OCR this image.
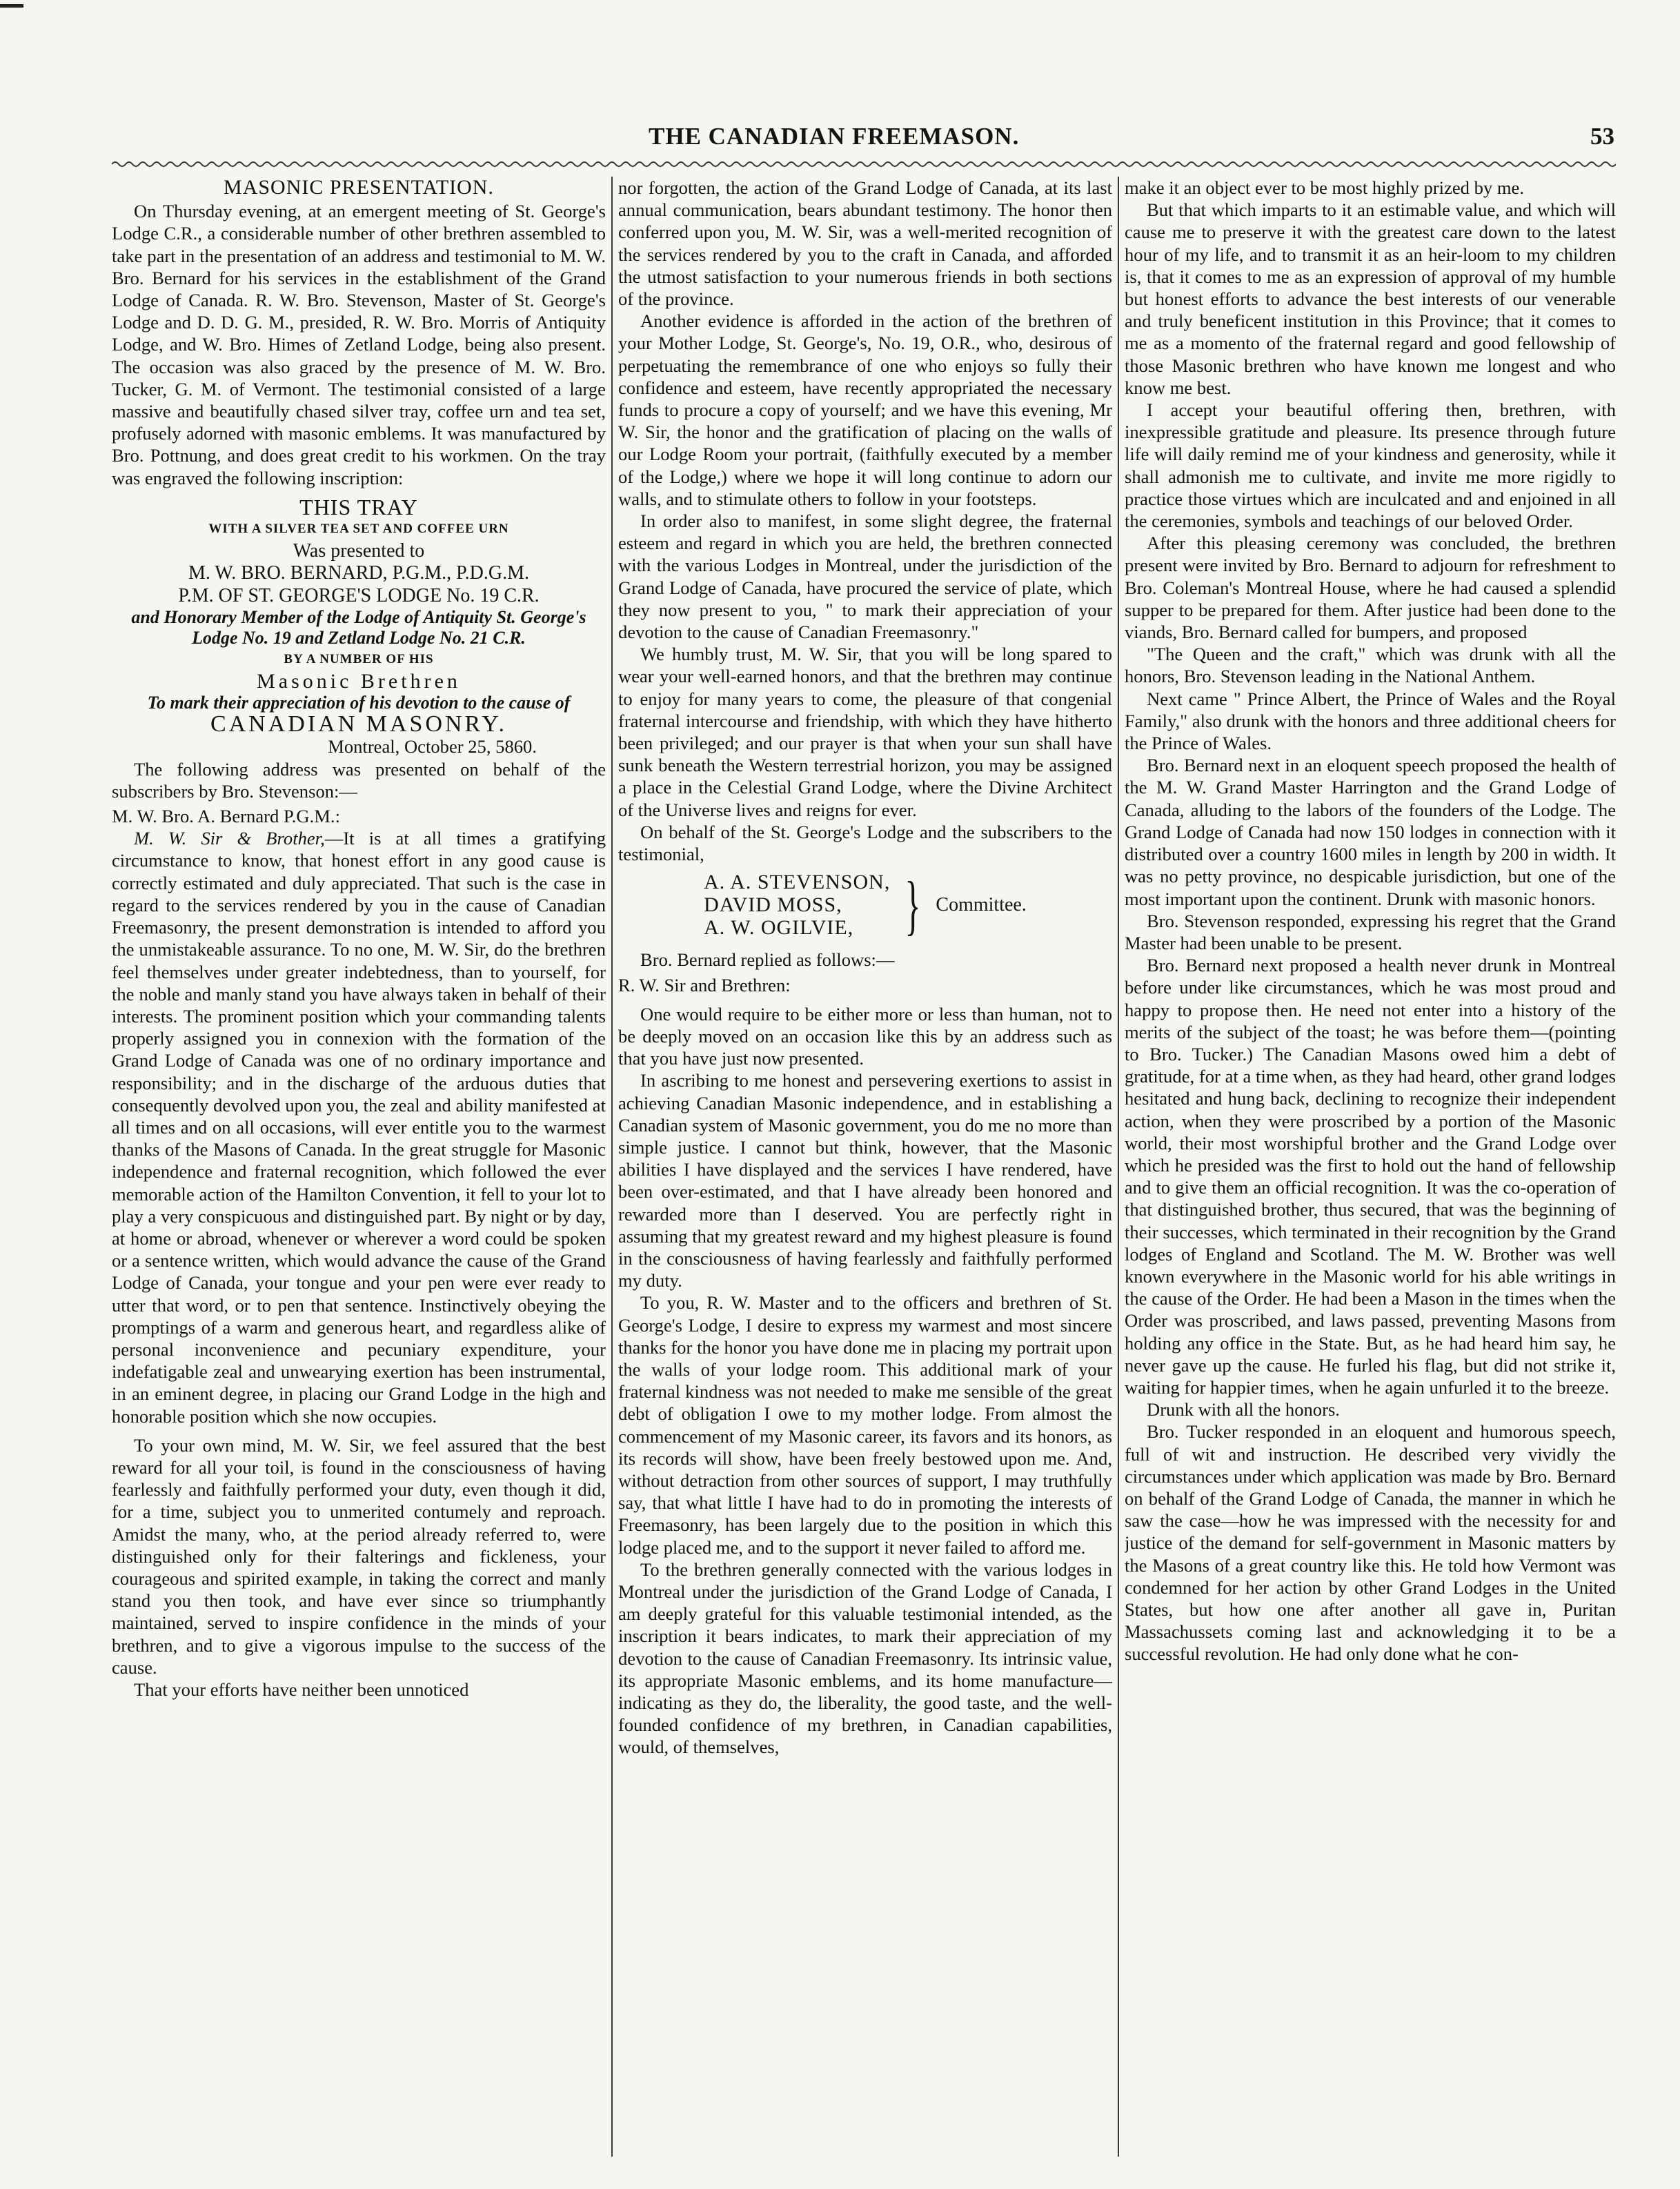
THE CANADIAN FREEMASON.	53

MASONIC PRESENTATION.

On Thursday evening, at an emergent meeting of St. George's Lodge C.R., a considerable number of other brethren assembled to take part in the presentation of an address and testimonial to M. W. Bro. Bernard for his services in the establishment of the Grand Lodge of Canada. R. W. Bro. Stevenson, Master of St. George's Lodge and D. D. G. M., presided, R. W. Bro. Morris of Antiquity Lodge, and W. Bro. Himes of Zetland Lodge, being also present. The occasion was also graced by the presence of M. W. Bro. Tucker, G. M. of Vermont. The testimonial consisted of a large massive and beautifully chased silver tray, coffee urn and tea set, profusely adorned with masonic emblems. It was manufactured by Bro. Pottnung, and does great credit to his workmen. On the tray was engraved the following inscription:

THIS TRAY

WITH A SILVER TEA SET AND COFFEE URN

Was presented to

M. W. BRO. BERNARD, P.G.M., P.D.G.M.

P.M. OF ST. GEORGE'S LODGE No. 19 C.R.

and Honorary Member of the Lodge of Antiquity St. George's Lodge No. 19 and Zetland Lodge No. 21 C.R.

BY A NUMBER OF HIS

Masonic Brethren

To mark their appreciation of his devotion to the cause of

CANADIAN MASONRY.

Montreal, October 25, 5860.

The following address was presented on behalf of the subscribers by Bro. Stevenson:—

M. W. Bro. A. Bernard P.G.M.:

M. W. Sir & Brother,—It is at all times a gratifying circumstance to know, that honest effort in any good cause is correctly estimated and duly appreciated. That such is the case in regard to the services rendered by you in the cause of Canadian Freemasonry, the present demonstration is intended to afford you the unmistakeable assurance. To no one, M. W. Sir, do the brethren feel themselves under greater indebtedness, than to yourself, for the noble and manly stand you have always taken in behalf of their interests. The prominent position which your commanding talents properly assigned you in connexion with the formation of the Grand Lodge of Canada was one of no ordinary importance and responsibility; and in the discharge of the arduous duties that consequently devolved upon you, the zeal and ability manifested at all times and on all occasions, will ever entitle you to the warmest thanks of the Masons of Canada. In the great struggle for Masonic independence and fraternal recognition, which followed the ever memorable action of the Hamilton Convention, it fell to your lot to play a very conspicuous and distinguished part. By night or by day, at home or abroad, whenever or wherever a word could be spoken or a sentence written, which would advance the cause of the Grand Lodge of Canada, your tongue and your pen were ever ready to utter that word, or to pen that sentence. Instinctively obeying the promptings of a warm and generous heart, and regardless alike of personal inconvenience and pecuniary expenditure, your indefatigable zeal and unwearying exertion has been instrumental, in an eminent degree, in placing our Grand Lodge in the high and honorable position which she now occupies.

To your own mind, M. W. Sir, we feel assured that the best reward for all your toil, is found in the consciousness of having fearlessly and faithfully performed your duty, even though it did, for a time, subject you to unmerited contumely and reproach. Amidst the many, who, at the period already referred to, were distinguished only for their falterings and fickleness, your courageous and spirited example, in taking the correct and manly stand you then took, and have ever since so triumphantly maintained, served to inspire confidence in the minds of your brethren, and to give a vigorous impulse to the success of the cause.

That your efforts have neither been unnoticed

nor forgotten, the action of the Grand Lodge of Canada, at its last annual communication, bears abundant testimony. The honor then conferred upon you, M. W. Sir, was a well-merited recognition of the services rendered by you to the craft in Canada, and afforded the utmost satisfaction to your numerous friends in both sections of the province.

Another evidence is afforded in the action of the brethren of your Mother Lodge, St. George's, No. 19, O.R., who, desirous of perpetuating the remembrance of one who enjoys so fully their confidence and esteem, have recently appropriated the necessary funds to procure a copy of yourself; and we have this evening, Mr W. Sir, the honor and the gratification of placing on the walls of our Lodge Room your portrait, (faithfully executed by a member of the Lodge,) where we hope it will long continue to adorn our walls, and to stimulate others to follow in your footsteps.

In order also to manifest, in some slight degree, the fraternal esteem and regard in which you are held, the brethren connected with the various Lodges in Montreal, under the jurisdiction of the Grand Lodge of Canada, have procured the service of plate, which they now present to you, " to mark their appreciation of your devotion to the cause of Canadian Freemasonry."

We humbly trust, M. W. Sir, that you will be long spared to wear your well-earned honors, and that the brethren may continue to enjoy for many years to come, the pleasure of that congenial fraternal intercourse and friendship, with which they have hitherto been privileged; and our prayer is that when your sun shall have sunk beneath the Western terrestrial horizon, you may be assigned a place in the Celestial Grand Lodge, where the Divine Architect of the Universe lives and reigns for ever.

On behalf of the St. George's Lodge and the subscribers to the testimonial,

A. A. STEVENSON,
DAVID MOSS,
A. W. OGILVIE, } Committee.

Bro. Bernard replied as follows:—

R. W. Sir and Brethren:

One would require to be either more or less than human, not to be deeply moved on an occasion like this by an address such as that you have just now presented.

In ascribing to me honest and persevering exertions to assist in achieving Canadian Masonic independence, and in establishing a Canadian system of Masonic government, you do me no more than simple justice. I cannot but think, however, that the Masonic abilities I have displayed and the services I have rendered, have been over-estimated, and that I have already been honored and rewarded more than I deserved. You are perfectly right in assuming that my greatest reward and my highest pleasure is found in the consciousness of having fearlessly and faithfully performed my duty.

To you, R. W. Master and to the officers and brethren of St. George's Lodge, I desire to express my warmest and most sincere thanks for the honor you have done me in placing my portrait upon the walls of your lodge room. This additional mark of your fraternal kindness was not needed to make me sensible of the great debt of obligation I owe to my mother lodge. From almost the commencement of my Masonic career, its favors and its honors, as its records will show, have been freely bestowed upon me. And, without detraction from other sources of support, I may truthfully say, that what little I have had to do in promoting the interests of Freemasonry, has been largely due to the position in which this lodge placed me, and to the support it never failed to afford me.

To the brethren generally connected with the various lodges in Montreal under the jurisdiction of the Grand Lodge of Canada, I am deeply grateful for this valuable testimonial intended, as the inscription it bears indicates, to mark their appreciation of my devotion to the cause of Canadian Freemasonry. Its intrinsic value, its appropriate Masonic emblems, and its home manufacture—indicating as they do, the liberality, the good taste, and the well-founded confidence of my brethren, in Canadian capabilities, would, of themselves,

make it an object ever to be most highly prized by me.

But that which imparts to it an estimable value, and which will cause me to preserve it with the greatest care down to the latest hour of my life, and to transmit it as an heir-loom to my children is, that it comes to me as an expression of approval of my humble but honest efforts to advance the best interests of our venerable and truly beneficent institution in this Province; that it comes to me as a momento of the fraternal regard and good fellowship of those Masonic brethren who have known me longest and who know me best.

I accept your beautiful offering then, brethren, with inexpressible gratitude and pleasure. Its presence through future life will daily remind me of your kindness and generosity, while it shall admonish me to cultivate, and invite me more rigidly to practice those virtues which are inculcated and and enjoined in all the ceremonies, symbols and teachings of our beloved Order.

After this pleasing ceremony was concluded, the brethren present were invited by Bro. Bernard to adjourn for refreshment to Bro. Coleman's Montreal House, where he had caused a splendid supper to be prepared for them. After justice had been done to the viands, Bro. Bernard called for bumpers, and proposed

"The Queen and the craft," which was drunk with all the honors, Bro. Stevenson leading in the National Anthem.

Next came " Prince Albert, the Prince of Wales and the Royal Family," also drunk with the honors and three additional cheers for the Prince of Wales.

Bro. Bernard next in an eloquent speech proposed the health of the M. W. Grand Master Harrington and the Grand Lodge of Canada, alluding to the labors of the founders of the Lodge. The Grand Lodge of Canada had now 150 lodges in connection with it distributed over a country 1600 miles in length by 200 in width. It was no petty province, no despicable jurisdiction, but one of the most important upon the continent. Drunk with masonic honors.

Bro. Stevenson responded, expressing his regret that the Grand Master had been unable to be present.

Bro. Bernard next proposed a health never drunk in Montreal before under like circumstances, which he was most proud and happy to propose then. He need not enter into a history of the merits of the subject of the toast; he was before them—(pointing to Bro. Tucker.) The Canadian Masons owed him a debt of gratitude, for at a time when, as they had heard, other grand lodges hesitated and hung back, declining to recognize their independent action, when they were proscribed by a portion of the Masonic world, their most worshipful brother and the Grand Lodge over which he presided was the first to hold out the hand of fellowship and to give them an official recognition. It was the co-operation of that distinguished brother, thus secured, that was the beginning of their successes, which terminated in their recognition by the Grand lodges of England and Scotland. The M. W. Brother was well known everywhere in the Masonic world for his able writings in the cause of the Order. He had been a Mason in the times when the Order was proscribed, and laws passed, preventing Masons from holding any office in the State. But, as he had heard him say, he never gave up the cause. He furled his flag, but did not strike it, waiting for happier times, when he again unfurled it to the breeze.

Drunk with all the honors.

Bro. Tucker responded in an eloquent and humorous speech, full of wit and instruction. He described very vividly the circumstances under which application was made by Bro. Bernard on behalf of the Grand Lodge of Canada, the manner in which he saw the case—how he was impressed with the necessity for and justice of the demand for self-government in Masonic matters by the Masons of a great country like this. He told how Vermont was condemned for her action by other Grand Lodges in the United States, but how one after another all gave in, Puritan Massachussets coming last and acknowledging it to be a successful revolution. He had only done what he con-
